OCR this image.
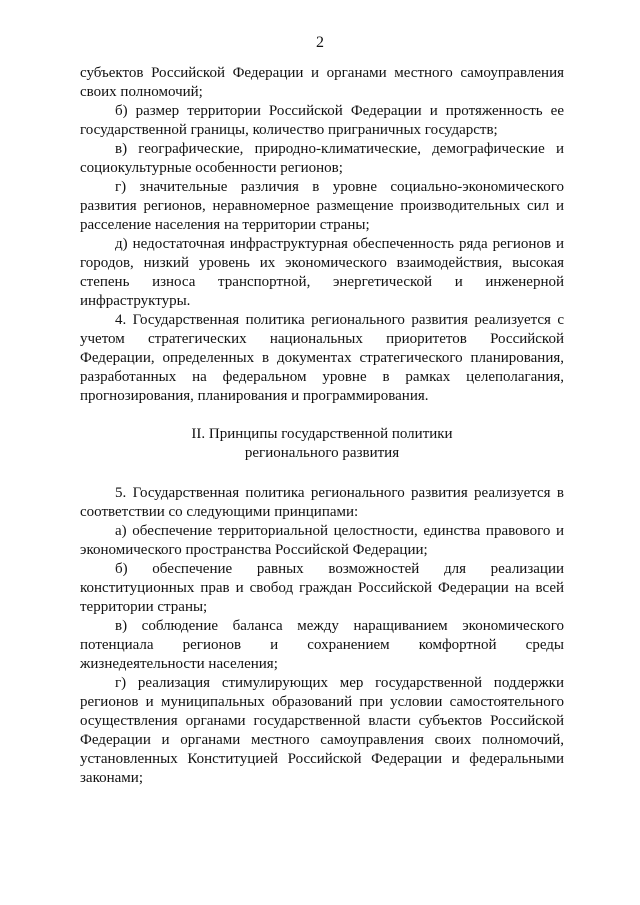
2

субъектов Российской Федерации и органами местного самоуправления своих полномочий;

б) размер территории Российской Федерации и протяженность ее государственной границы, количество приграничных государств;

в) географические, природно-климатические, демографические и социокультурные особенности регионов;

г) значительные различия в уровне социально-экономического развития регионов, неравномерное размещение производительных сил и расселение населения на территории страны;

д) недостаточная инфраструктурная обеспеченность ряда регионов и городов, низкий уровень их экономического взаимодействия, высокая степень износа транспортной, энергетической и инженерной инфраструктуры.

4. Государственная политика регионального развития реализуется с учетом стратегических национальных приоритетов Российской Федерации, определенных в документах стратегического планирования, разработанных на федеральном уровне в рамках целеполагания, прогнозирования, планирования и программирования.

II. Принципы государственной политики
регионального развития

5. Государственная политика регионального развития реализуется в соответствии со следующими принципами:

а) обеспечение территориальной целостности, единства правового и экономического пространства Российской Федерации;

б) обеспечение равных возможностей для реализации конституционных прав и свобод граждан Российской Федерации на всей территории страны;

в) соблюдение баланса между наращиванием экономического потенциала регионов и сохранением комфортной среды жизнедеятельности населения;

г) реализация стимулирующих мер государственной поддержки регионов и муниципальных образований при условии самостоятельного осуществления органами государственной власти субъектов Российской Федерации и органами местного самоуправления своих полномочий, установленных Конституцией Российской Федерации и федеральными законами;
